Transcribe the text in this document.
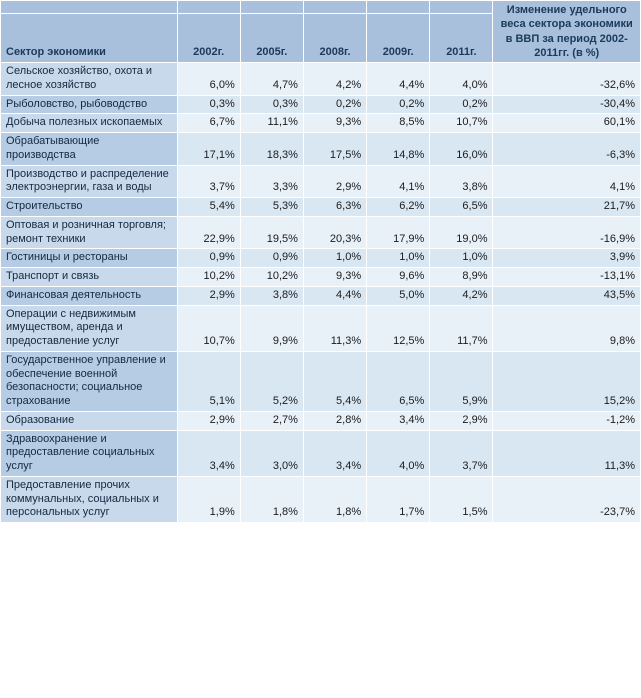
						Изменение удельного веса сектора экономики в ВВП за период 2002-2011гг. (в %)
Сектор экономики	2002г.	2005г.	2008г.	2009г.	2011г.	
Сельское хозяйство, охота и лесное хозяйство	6,0%	4,7%	4,2%	4,4%	4,0%	-32,6%
Рыболовство, рыбоводство	0,3%	0,3%	0,2%	0,2%	0,2%	-30,4%
Добыча полезных ископаемых	6,7%	11,1%	9,3%	8,5%	10,7%	60,1%
Обрабатывающие производства	17,1%	18,3%	17,5%	14,8%	16,0%	-6,3%
Производство и распределение электроэнергии, газа и воды	3,7%	3,3%	2,9%	4,1%	3,8%	4,1%
Строительство	5,4%	5,3%	6,3%	6,2%	6,5%	21,7%
Оптовая и розничная торговля; ремонт техники	22,9%	19,5%	20,3%	17,9%	19,0%	-16,9%
Гостиницы и рестораны	0,9%	0,9%	1,0%	1,0%	1,0%	3,9%
Транспорт и связь	10,2%	10,2%	9,3%	9,6%	8,9%	-13,1%
Финансовая деятельность	2,9%	3,8%	4,4%	5,0%	4,2%	43,5%
Операции с недвижимым имуществом, аренда и предоставление услуг	10,7%	9,9%	11,3%	12,5%	11,7%	9,8%
Государственное управление и обеспечение военной безопасности; социальное страхование	5,1%	5,2%	5,4%	6,5%	5,9%	15,2%
Образование	2,9%	2,7%	2,8%	3,4%	2,9%	-1,2%
Здравоохранение и предоставление социальных услуг	3,4%	3,0%	3,4%	4,0%	3,7%	11,3%
Предоставление прочих коммунальных, социальных и персональных услуг	1,9%	1,8%	1,8%	1,7%	1,5%	-23,7%
